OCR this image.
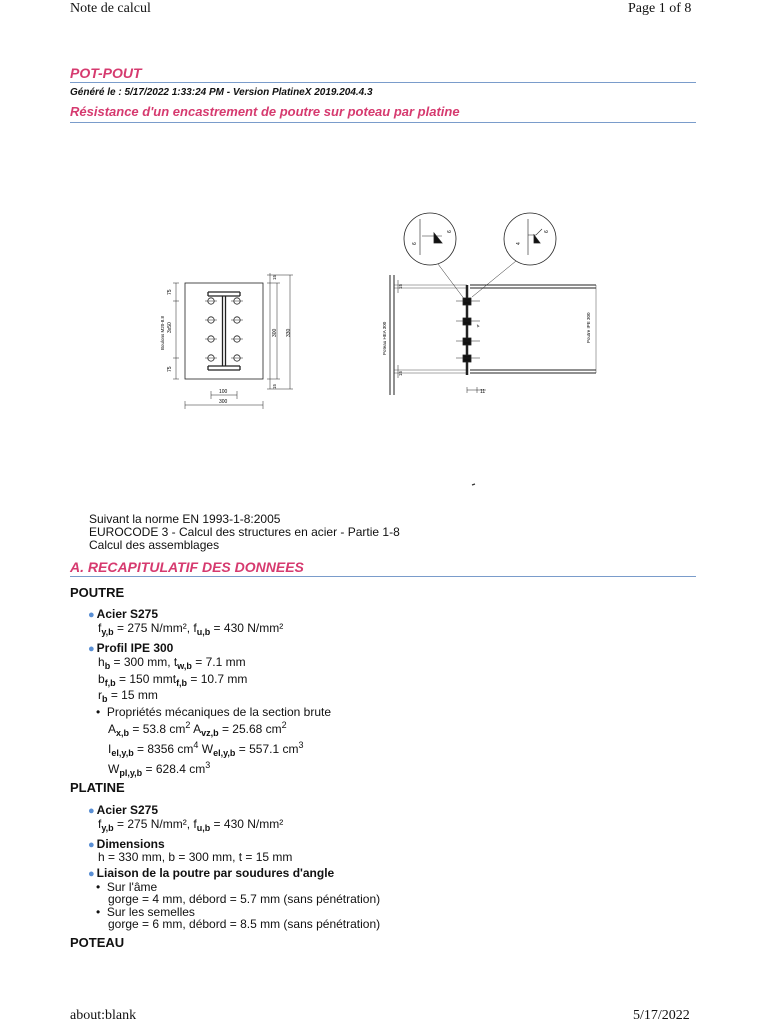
Note de calcul	Page 1 of 8
POT-POUT
Généré le : 5/17/2022 1:33:24 PM - Version PlatineX 2019.204.4.3
Résistance d'un encastrement de poutre sur poteau par platine
75
3x50
75
Boulons M20-8.8
15
300
15
330
100
300
6
6
6
4
15
15
11
Poteau HEA 300	Poutre IPE 300
4
Suivant la norme EN 1993-1-8:2005
EUROCODE 3 - Calcul des structures en acier - Partie 1-8
Calcul des assemblages
A. RECAPITULATIF DES DONNEES
POUTRE
● Acier S275
$f_{y,b} = 275$ N/mm², $f_{u,b} = 430$ N/mm²
● Profil IPE 300
$h_b = 300$ mm, $t_{w,b} = 7.1$ mm
$b_{f,b} = 150$ mmt$_{f,b}$ = 10.7 mm
$r_b = 15$ mm
•  Propriétés mécaniques de la section brute
$A_{x,b} = 53.8$ $cm^2$ $A_{vz,b} = 25.68$ $cm^2$
$I_{el,y,b} = 8356$ $cm^4$ $W_{el,y,b} = 557.1$ $cm^3$
$W_{pl,y,b} = 628.4$ $cm^3$
PLATINE
● Acier S275
$f_{y,b} = 275$ N/mm², $f_{u,b} = 430$ N/mm²
● Dimensions
h = 330 mm, b = 300 mm, t = 15 mm
● Liaison de la poutre par soudures d'angle
•  Sur l'âme
gorge = 4 mm, débord = 5.7 mm (sans pénétration)
•  Sur les semelles
gorge = 6 mm, débord = 8.5 mm (sans pénétration)
POTEAU
about:blank	5/17/2022
